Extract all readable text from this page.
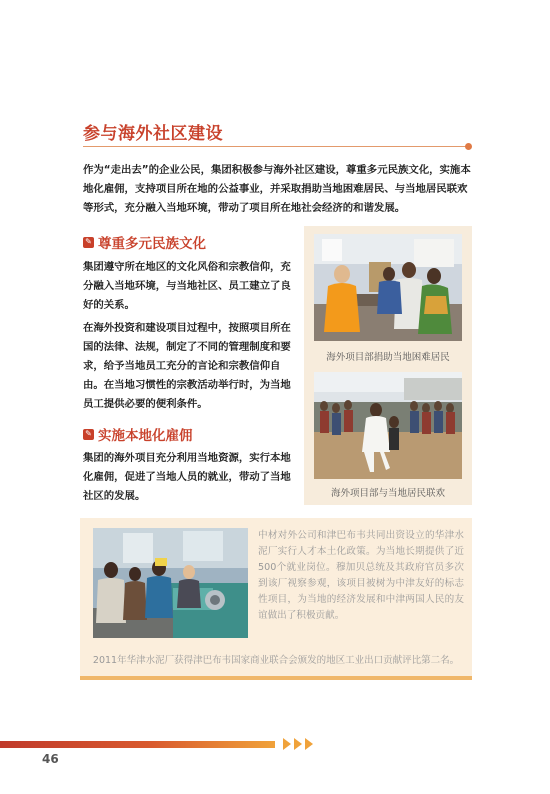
参与海外社区建设
作为“走出去”的企业公民，集团积极参与海外社区建设，尊重多元民族文化，实施本地化雇佣，支持项目所在地的公益事业，并采取捐助当地困难居民、与当地居民联欢等形式，充分融入当地环境，带动了项目所在地社会经济的和谐发展。
✎ 尊重多元民族文化
集团遵守所在地区的文化风俗和宗教信仰，充分融入当地环境，与当地社区、员工建立了良好的关系。
在海外投资和建设项目过程中，按照项目所在国的法律、法规，制定了不同的管理制度和要求，给予当地员工充分的言论和宗教信仰自由。在当地习惯性的宗教活动举行时，为当地员工提供必要的便利条件。
✎ 实施本地化雇佣
集团的海外项目充分利用当地资源，实行本地化雇佣，促进了当地人员的就业，带动了当地社区的发展。
海外项目部捐助当地困难居民
海外项目部与当地居民联欢
中材对外公司和津巴布韦共同出资设立的华津水泥厂实行人才本土化政策。为当地长期提供了近500个就业岗位。穆加贝总统及其政府官员多次到该厂视察参观，该项目被树为中津友好的标志性项目，为当地的经济发展和中津两国人民的友谊做出了积极贡献。
2011年华津水泥厂获得津巴布韦国家商业联合会颁发的地区工业出口贡献评比第二名。
46
